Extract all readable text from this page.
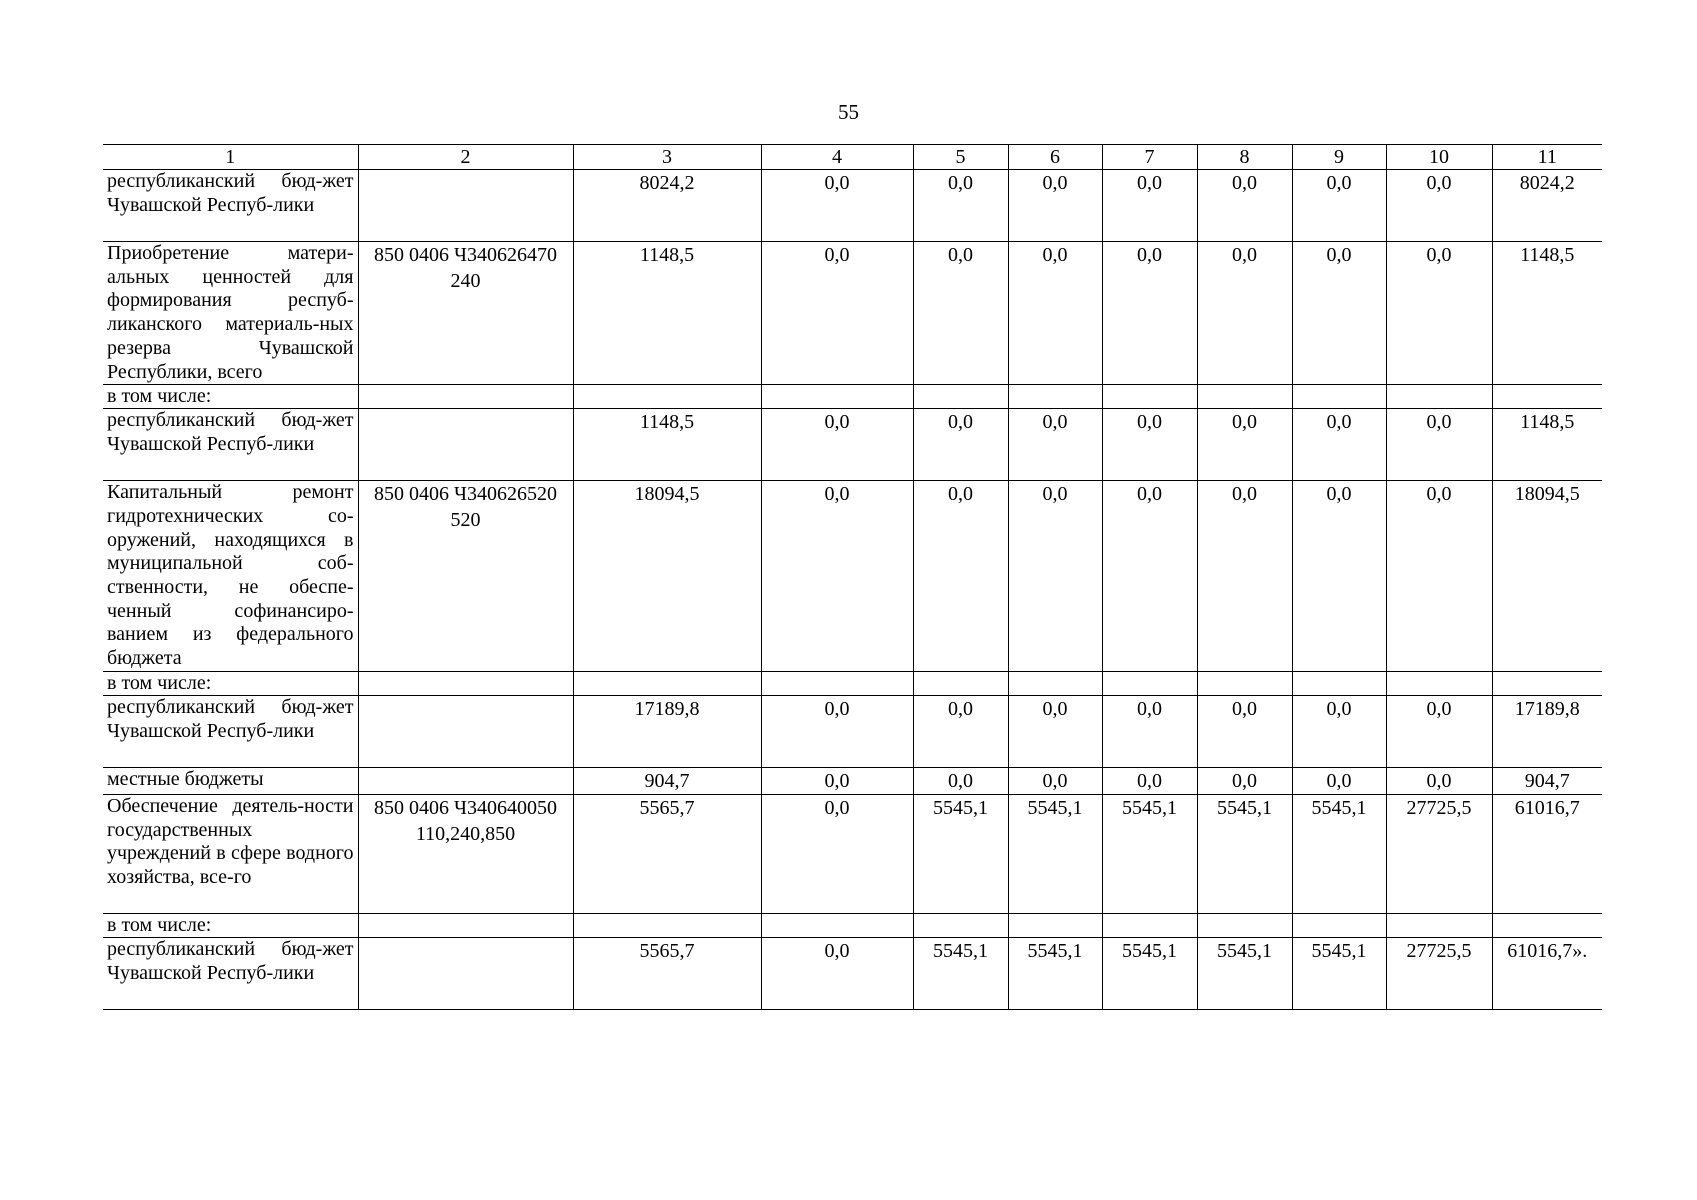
55
1	2	3	4	5	6	7	8	9	10	11
республиканский бюд-жет Чувашской Респуб-лики		8024,2	0,0	0,0	0,0	0,0	0,0	0,0	0,0	8024,2
Приобретение матери-альных ценностей для формирования респуб-ликанского материаль-ных резерва Чувашской Республики, всего	850 0406 Ч340626470 240	1148,5	0,0	0,0	0,0	0,0	0,0	0,0	0,0	1148,5
в том числе:										
республиканский бюд-жет Чувашской Респуб-лики		1148,5	0,0	0,0	0,0	0,0	0,0	0,0	0,0	1148,5
Капитальный ремонт гидротехнических со-оружений, находящихся в муниципальной соб-ственности, не обеспе-ченный софинансиро-ванием из федерального бюджета	850 0406 Ч340626520 520	18094,5	0,0	0,0	0,0	0,0	0,0	0,0	0,0	18094,5
в том числе:										
республиканский бюд-жет Чувашской Респуб-лики		17189,8	0,0	0,0	0,0	0,0	0,0	0,0	0,0	17189,8
местные бюджеты		904,7	0,0	0,0	0,0	0,0	0,0	0,0	0,0	904,7
Обеспечение деятель-ности государственных учреждений в сфере водного хозяйства, все-го	850 0406 Ч340640050 110,240,850	5565,7	0,0	5545,1	5545,1	5545,1	5545,1	5545,1	27725,5	61016,7
в том числе:										
республиканский бюд-жет Чувашской Респуб-лики		5565,7	0,0	5545,1	5545,1	5545,1	5545,1	5545,1	27725,5	61016,7».
